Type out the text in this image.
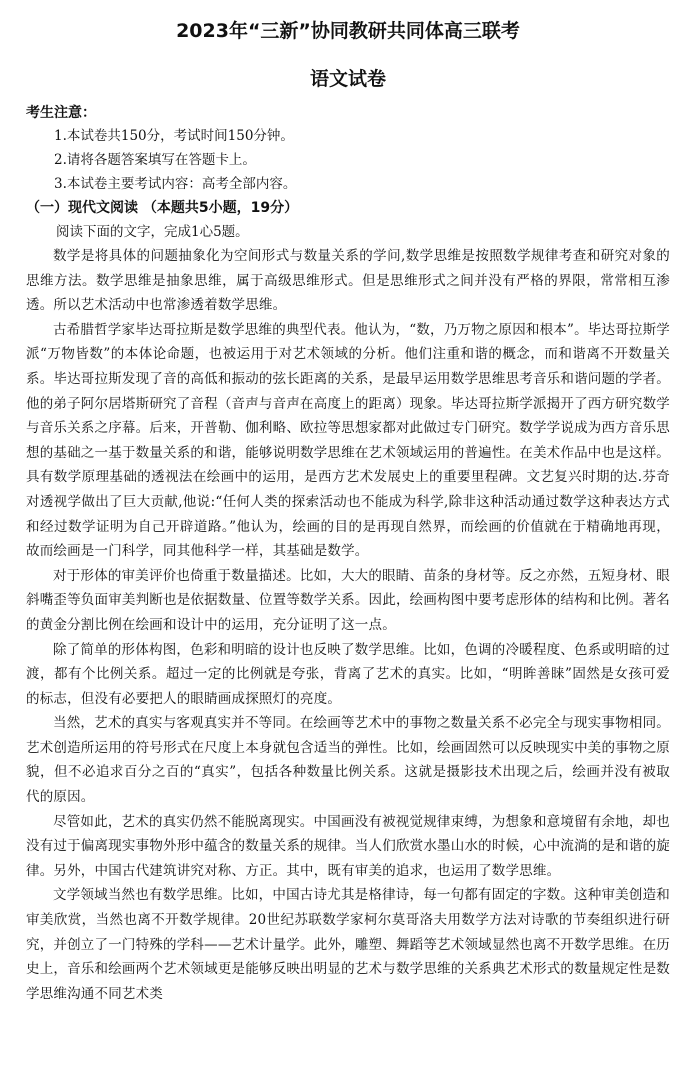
2023年“三新”协同教研共同体高三联考
语文试卷
考生注意：
1.本试卷共150分，考试时间150分钟。
2.请将各题答案填写在答题卡上。
3.本试卷主要考试内容：高考全部内容。
（一）现代文阅读 （本题共5小题，19分）
阅读下面的文字，完成1心5题。

数学是将具体的问题抽象化为空间形式与数量关系的学问,数学思维是按照数学规律考查和研究对象的思维方法。数学思维是抽象思维，属于高级思维形式。但是思维形式之间并没有严格的界限，常常相互渗透。所以艺术活动中也常渗透着数学思维。

古希腊哲学家毕达哥拉斯是数学思维的典型代表。他认为，“数，乃万物之原因和根本”。毕达哥拉斯学派“万物皆数”的本体论命题，也被运用于对艺术领域的分析。他们注重和谐的概念，而和谐离不开数量关系。毕达哥拉斯发现了音的高低和振动的弦长距离的关系，是最早运用数学思维思考音乐和谐问题的学者。他的弟子阿尔居塔斯研究了音程（音声与音声在高度上的距离）现象。毕达哥拉斯学派揭开了西方研究数学与音乐关系之序幕。后来，开普勒、伽利略、欧拉等思想家都对此做过专门研究。数学学说成为西方音乐思想的基础之一基于数量关系的和谐，能够说明数学思维在艺术领域运用的普遍性。在美术作品中也是这样。具有数学原理基础的透视法在绘画中的运用，是西方艺术发展史上的重要里程碑。文艺复兴时期的达.芬奇对透视学做出了巨大贡献,他说:“任何人类的探索活动也不能成为科学,除非这种活动通过数学这种表达方式和经过数学证明为自己开辟道路。”他认为，绘画的目的是再现自然界，而绘画的价值就在于精确地再现，故而绘画是一门科学，同其他科学一样，其基础是数学。

对于形体的审美评价也倚重于数量描述。比如，大大的眼睛、苗条的身材等。反之亦然，五短身材、眼斜嘴歪等负面审美判断也是依据数量、位置等数学关系。因此，绘画构图中要考虑形体的结构和比例。著名的黄金分割比例在绘画和设计中的运用，充分证明了这一点。

除了简单的形体构图，色彩和明暗的设计也反映了数学思维。比如，色调的冷暖程度、色系或明暗的过渡，都有个比例关系。超过一定的比例就是夸张，背离了艺术的真实。比如，“明眸善睐”固然是女孩可爱的标志，但没有必要把人的眼睛画成探照灯的亮度。

当然，艺术的真实与客观真实并不等同。在绘画等艺术中的事物之数量关系不必完全与现实事物相同。艺术创造所运用的符号形式在尺度上本身就包含适当的弹性。比如，绘画固然可以反映现实中美的事物之原貌，但不必追求百分之百的“真实”，包括各种数量比例关系。这就是摄影技术出现之后，绘画并没有被取代的原因。

尽管如此，艺术的真实仍然不能脱离现实。中国画没有被视觉规律束缚，为想象和意境留有余地，却也没有过于偏离现实事物外形中蕴含的数量关系的规律。当人们欣赏水墨山水的时候，心中流淌的是和谐的旋律。另外，中国古代建筑讲究对称、方正。其中，既有审美的追求，也运用了数学思维。

文学领域当然也有数学思维。比如，中国古诗尤其是格律诗，每一句都有固定的字数。这种审美创造和审美欣赏，当然也离不开数学规律。20世纪苏联数学家柯尔莫哥洛夫用数学方法对诗歌的节奏组织进行研究，并创立了一门特殊的学科——艺术计量学。此外，雕塑、舞蹈等艺术领域显然也离不开数学思维。在历史上，音乐和绘画两个艺术领域更是能够反映出明显的艺术与数学思维的关系典艺术形式的数量规定性是数学思维沟通不同艺术类
